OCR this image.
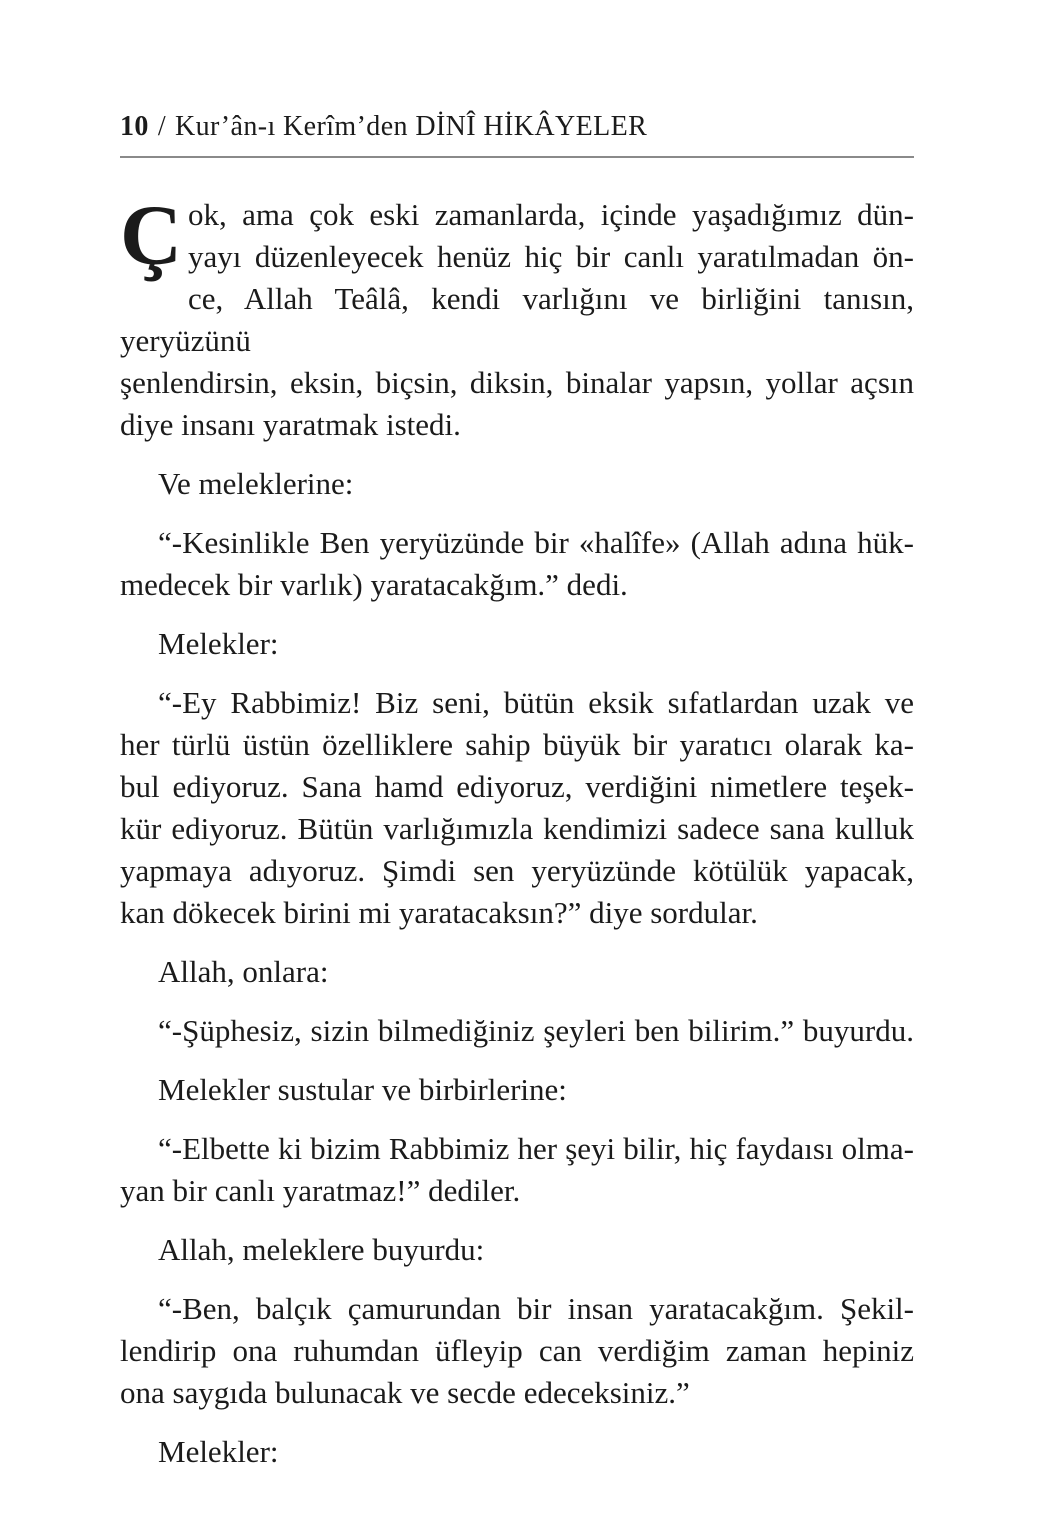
10 / Kur’ân-ı Kerîm’den DİNÎ HİKÂYELER
Ç ok, ama çok eski zamanlarda, içinde yaşadığımız dün-
yayı düzenleyecek henüz hiç bir canlı yaratılmadan ön-
ce, Allah Teâlâ, kendi varlığını ve birliğini tanısın, yeryüzünü
şenlendirsin, eksin, biçsin, diksin, binalar yapsın, yollar açsın
diye insanı yaratmak istedi.
Ve meleklerine:
“-Kesinlikle Ben yeryüzünde bir «halîfe» (Allah adına hük-
medecek bir varlık) yaratacakğım.” dedi.
Melekler:
“-Ey Rabbimiz! Biz seni, bütün eksik sıfatlardan uzak ve
her türlü üstün özelliklere sahip büyük bir yaratıcı olarak ka-
bul ediyoruz. Sana hamd ediyoruz, verdiğini nimetlere teşek-
kür ediyoruz. Bütün varlığımızla kendimizi sadece sana kulluk
yapmaya adıyoruz. Şimdi sen yeryüzünde kötülük yapacak,
kan dökecek birini mi yaratacaksın?” diye sordular.
Allah, onlara:
“-Şüphesiz, sizin bilmediğiniz şeyleri ben bilirim.” buyurdu.
Melekler sustular ve birbirlerine:
“-Elbette ki bizim Rabbimiz her şeyi bilir, hiç faydaısı olma-
yan bir canlı yaratmaz!” dediler.
Allah, meleklere buyurdu:
“-Ben, balçık çamurundan bir insan yaratacakğım. Şekil-
lendirip ona ruhumdan üfleyip can verdiğim zaman hepiniz
ona saygıda bulunacak ve secde edeceksiniz.”
Melekler:
